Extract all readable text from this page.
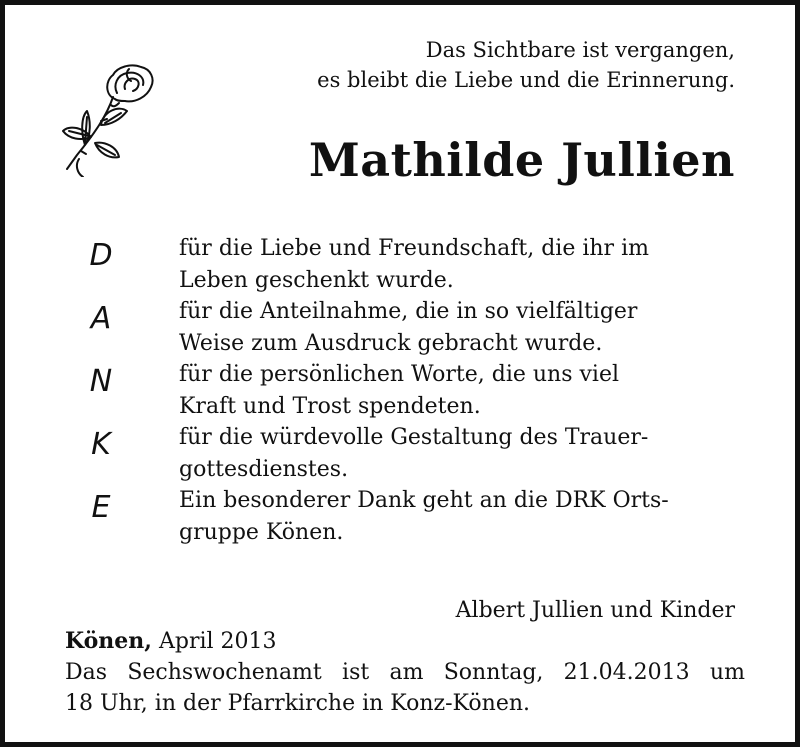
Das Sichtbare ist vergangen,
es bleibt die Liebe und die Erinnerung.
Mathilde Jullien
D
A
N
K
E
für die Liebe und Freundschaft, die ihr im
Leben geschenkt wurde.
für die Anteilnahme, die in so vielfältiger
Weise zum Ausdruck gebracht wurde.
für die persönlichen Worte, die uns viel
Kraft und Trost spendeten.
für die würdevolle Gestaltung des Trauer-
gottesdienstes.
Ein besonderer Dank geht an die DRK Orts-
gruppe Könen.
Albert Jullien und Kinder
Könen, April 2013
Das Sechswochenamt ist am Sonntag, 21.04.2013 um
18 Uhr, in der Pfarrkirche in Konz-Könen.
